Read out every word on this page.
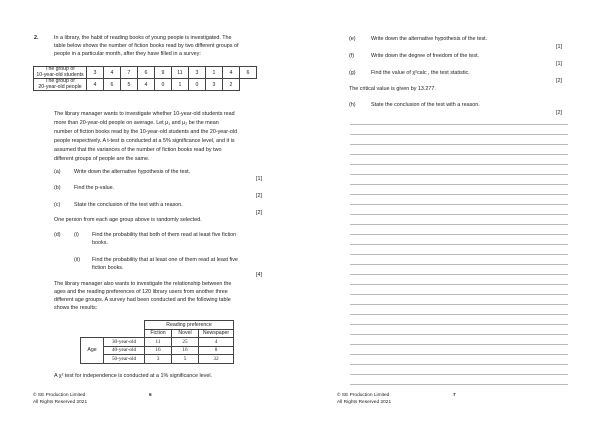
2.	In a library, the habit of reading books of young people is investigated. The
table below shows the number of fiction books read by two different groups of
people in a particular month, after they have filled in a survey:
The group of
10-year-old students	3	4	7	6	9	11	3	1	4	6
The group of
20-year-old people	4	6	5	4	0	1	0	3	2	
The library manager wants to investigate whether 10-year-old students read
more than 20-year-old people on average. Let μ₁ and μ₂ be the mean
number of fiction books read by the 10-year-old students and the 20-year-old
people respectively. A t-test is conducted at a 5% significance level, and it is
assumed that the variances of the number of fiction books read by two
different groups of people are the same.
(a) Write down the alternative hypothesis of the test.
[1]
(b) Find the p-value.
[2]
(c)	State the conclusion of the test with a reason.
[2]
One person from each age group above is randomly selected.
(d) (i) Find the probability that both of them read at least five fiction
books.
(ii) Find the probability that at least one of them read at least five
fiction books.
[4]
The library manager also wants to investigate the relationship between the
ages and the reading preferences of 120 library users from another three
different age groups. A survey had been conducted and the following table
shows the results:
		Reading preference		
		Fiction	Novel	Newspaper
Age	30-year-old	11	25	4
	40-year-old	16	16	8
	50-year-old	3	5	32
A χ² test for independence is conducted at a 1% significance level.
© SE Production Limited
All Rights Reserved 2021
6
(e)	Write down the alternative hypothesis of the test.
[1]
(f)	Write down the degree of freedom of the test.
[1]
(g)	Find the value of χ²calc , the test statistic.
[2]
The critical value is given by 13.277.
(h)	State the conclusion of the test with a reason.
[2]
© SE Production Limited
All Rights Reserved 2021
7
